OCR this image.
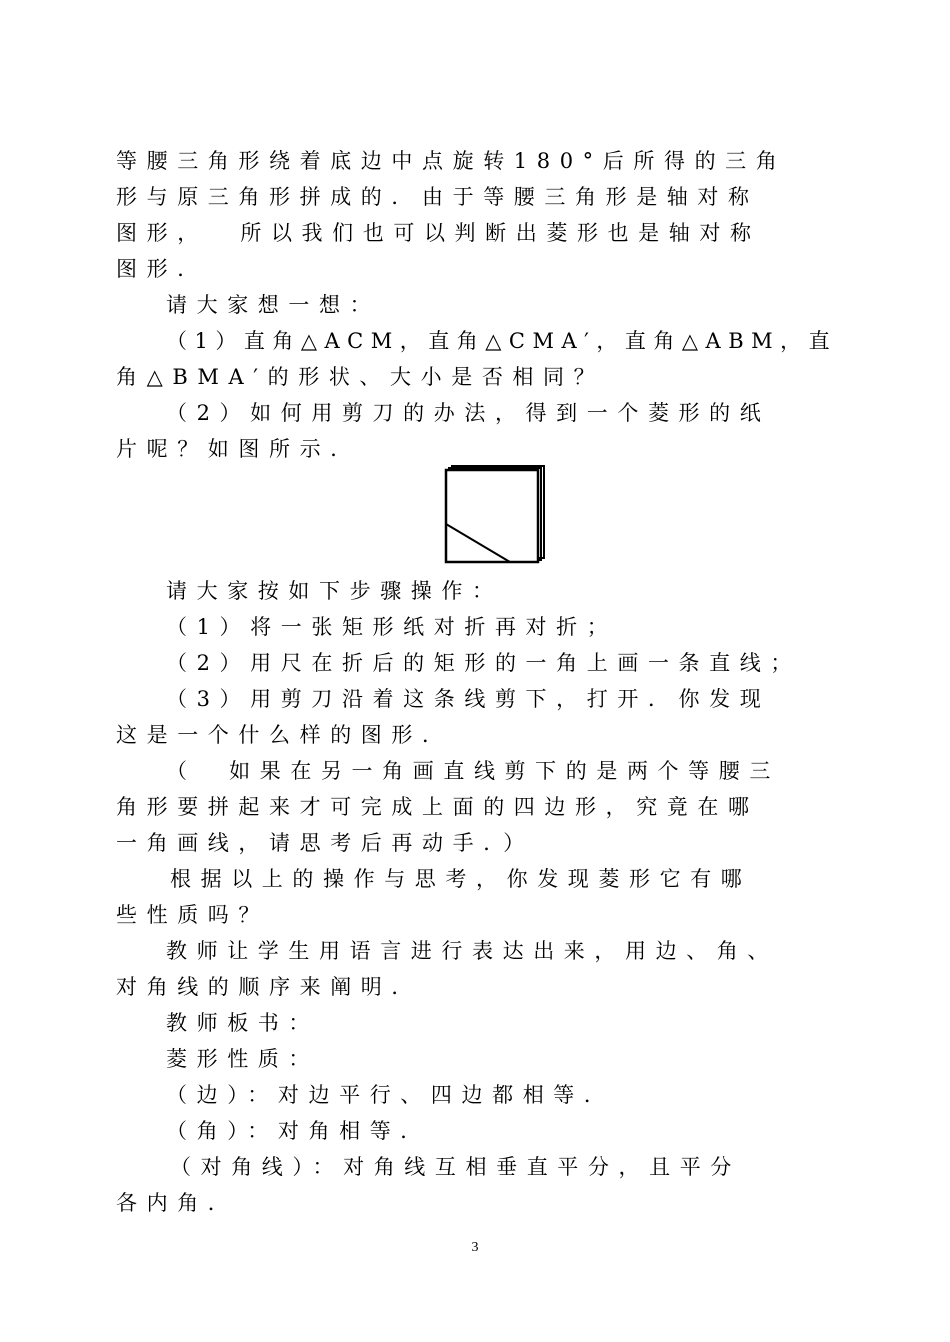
等腰三角形绕着底边中点旋转180°后所得的三角
形与原三角形拼成的．由于等腰三角形是轴对称
图形，  所以我们也可以判断出菱形也是轴对称
图形．
请大家想一想：
（1）直角△ACM，直角△CMA′，直角△ABM，直
角△BMA′的形状、大小是否相同？
（2）如何用剪刀的办法，得到一个菱形的纸
片呢？如图所示．
请大家按如下步骤操作：
（1）将一张矩形纸对折再对折；
（2）用尺在折后的矩形的一角上画一条直线；
（3）用剪刀沿着这条线剪下，打开．你发现
这是一个什么样的图形．
（  如果在另一角画直线剪下的是两个等腰三
角形要拼起来才可完成上面的四边形，究竟在哪
一角画线，请思考后再动手．）
根据以上的操作与思考，你发现菱形它有哪
些性质吗？
教师让学生用语言进行表达出来，用边、角、
对角线的顺序来阐明．
教师板书：
菱形性质：
（边）：对边平行、四边都相等．
（角）：对角相等．
（对角线）：对角线互相垂直平分，且平分
各内角．
3
